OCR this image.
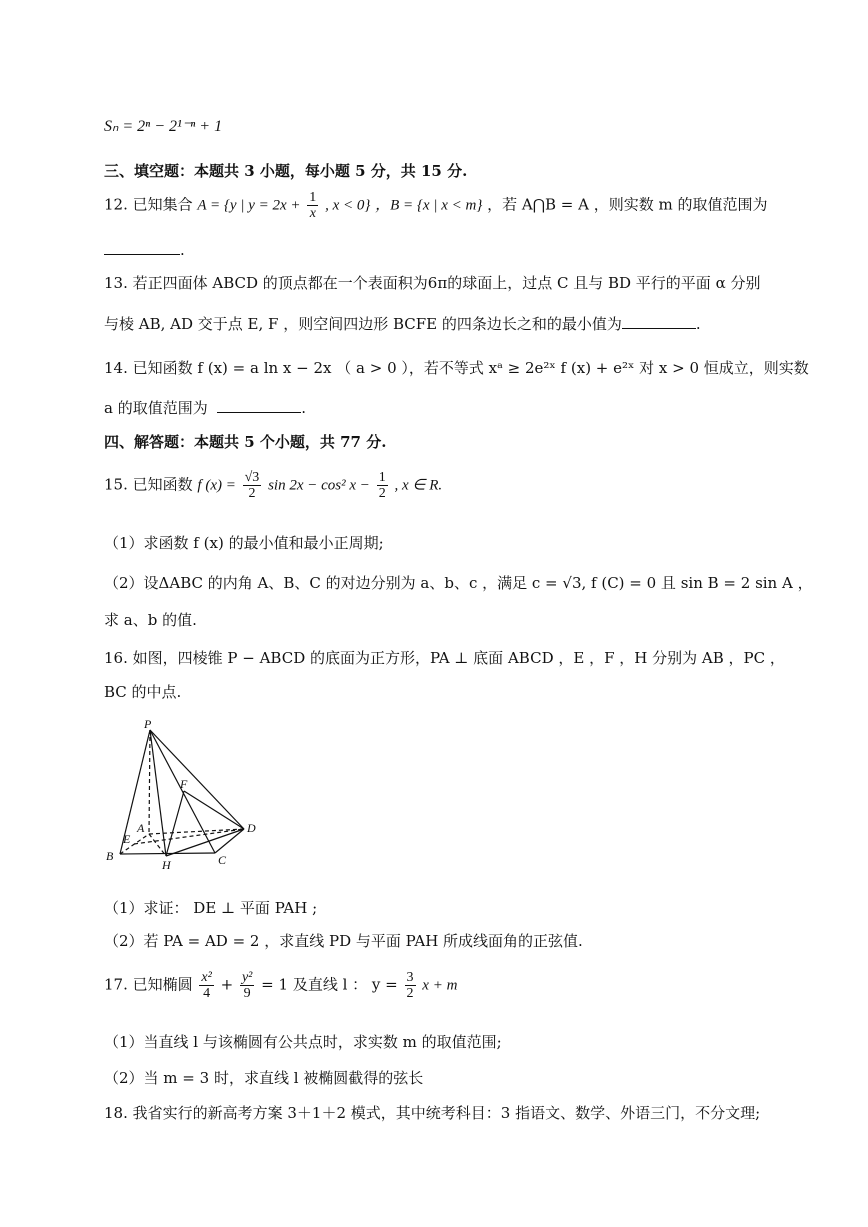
Sₙ = 2ⁿ − 2¹⁻ⁿ + 1
三、填空题：本题共 3 小题，每小题 5 分，共 15 分.
12. 已知集合 A = {y | $y = 2x + \frac{1}{x}$ , x < 0} ，B = {x | x < m} ，若 A⋂B = A ，则实数 m 的取值范围为
.
13. 若正四面体 ABCD 的顶点都在一个表面积为6π的球面上，过点 C 且与 BD 平行的平面 α 分别
与棱 AB, AD 交于点 E, F ，则空间四边形 BCFE 的四条边长之和的最小值为	.
14. 已知函数 f (x) = a ln x − 2x （ a > 0 ），若不等式 xᵃ ≥ 2e²ˣ f (x) + e²ˣ 对 x > 0 恒成立，则实数
a 的取值范围为	.
四、解答题：本题共 5 个小题，共 77 分.
15. 已知函数 f $(x) = \frac{√3}{2}$ sin 2x − cos² $x - \frac{1}{2}$ , x ∈ R.
（1）求函数 f (x) 的最小值和最小正周期;
（2）设ΔABC 的内角 A、B、C 的对边分别为 a、b、c ，满足 c = √3, f (C) = 0 且 sin B = 2 sin A ，
求 a、b 的值.
16. 如图，四棱锥 P − ABCD 的底面为正方形，PA ⊥ 底面 ABCD ，E ，F ，H 分别为 AB ，PC ，
BC 的中点.
P
F
A
E
D
B
H	C
（1）求证： DE ⊥ 平面 PAH ;
（2）若 PA = AD = 2 ，求直线 PD 与平面 PAH 所成线面角的正弦值.
17. 已知椭圆 $\frac{\text{x²}}{4} + \frac{\text{y²}}{9} = 1$ 及直线 l ： $y = \frac{3}{2}$ x + m
（1）当直线 l 与该椭圆有公共点时，求实数 m 的取值范围;
（2）当 m = 3 时，求直线 l 被椭圆截得的弦长
18. 我省实行的新高考方案 3＋1＋2 模式，其中统考科目：3 指语文、数学、外语三门，不分文理;
